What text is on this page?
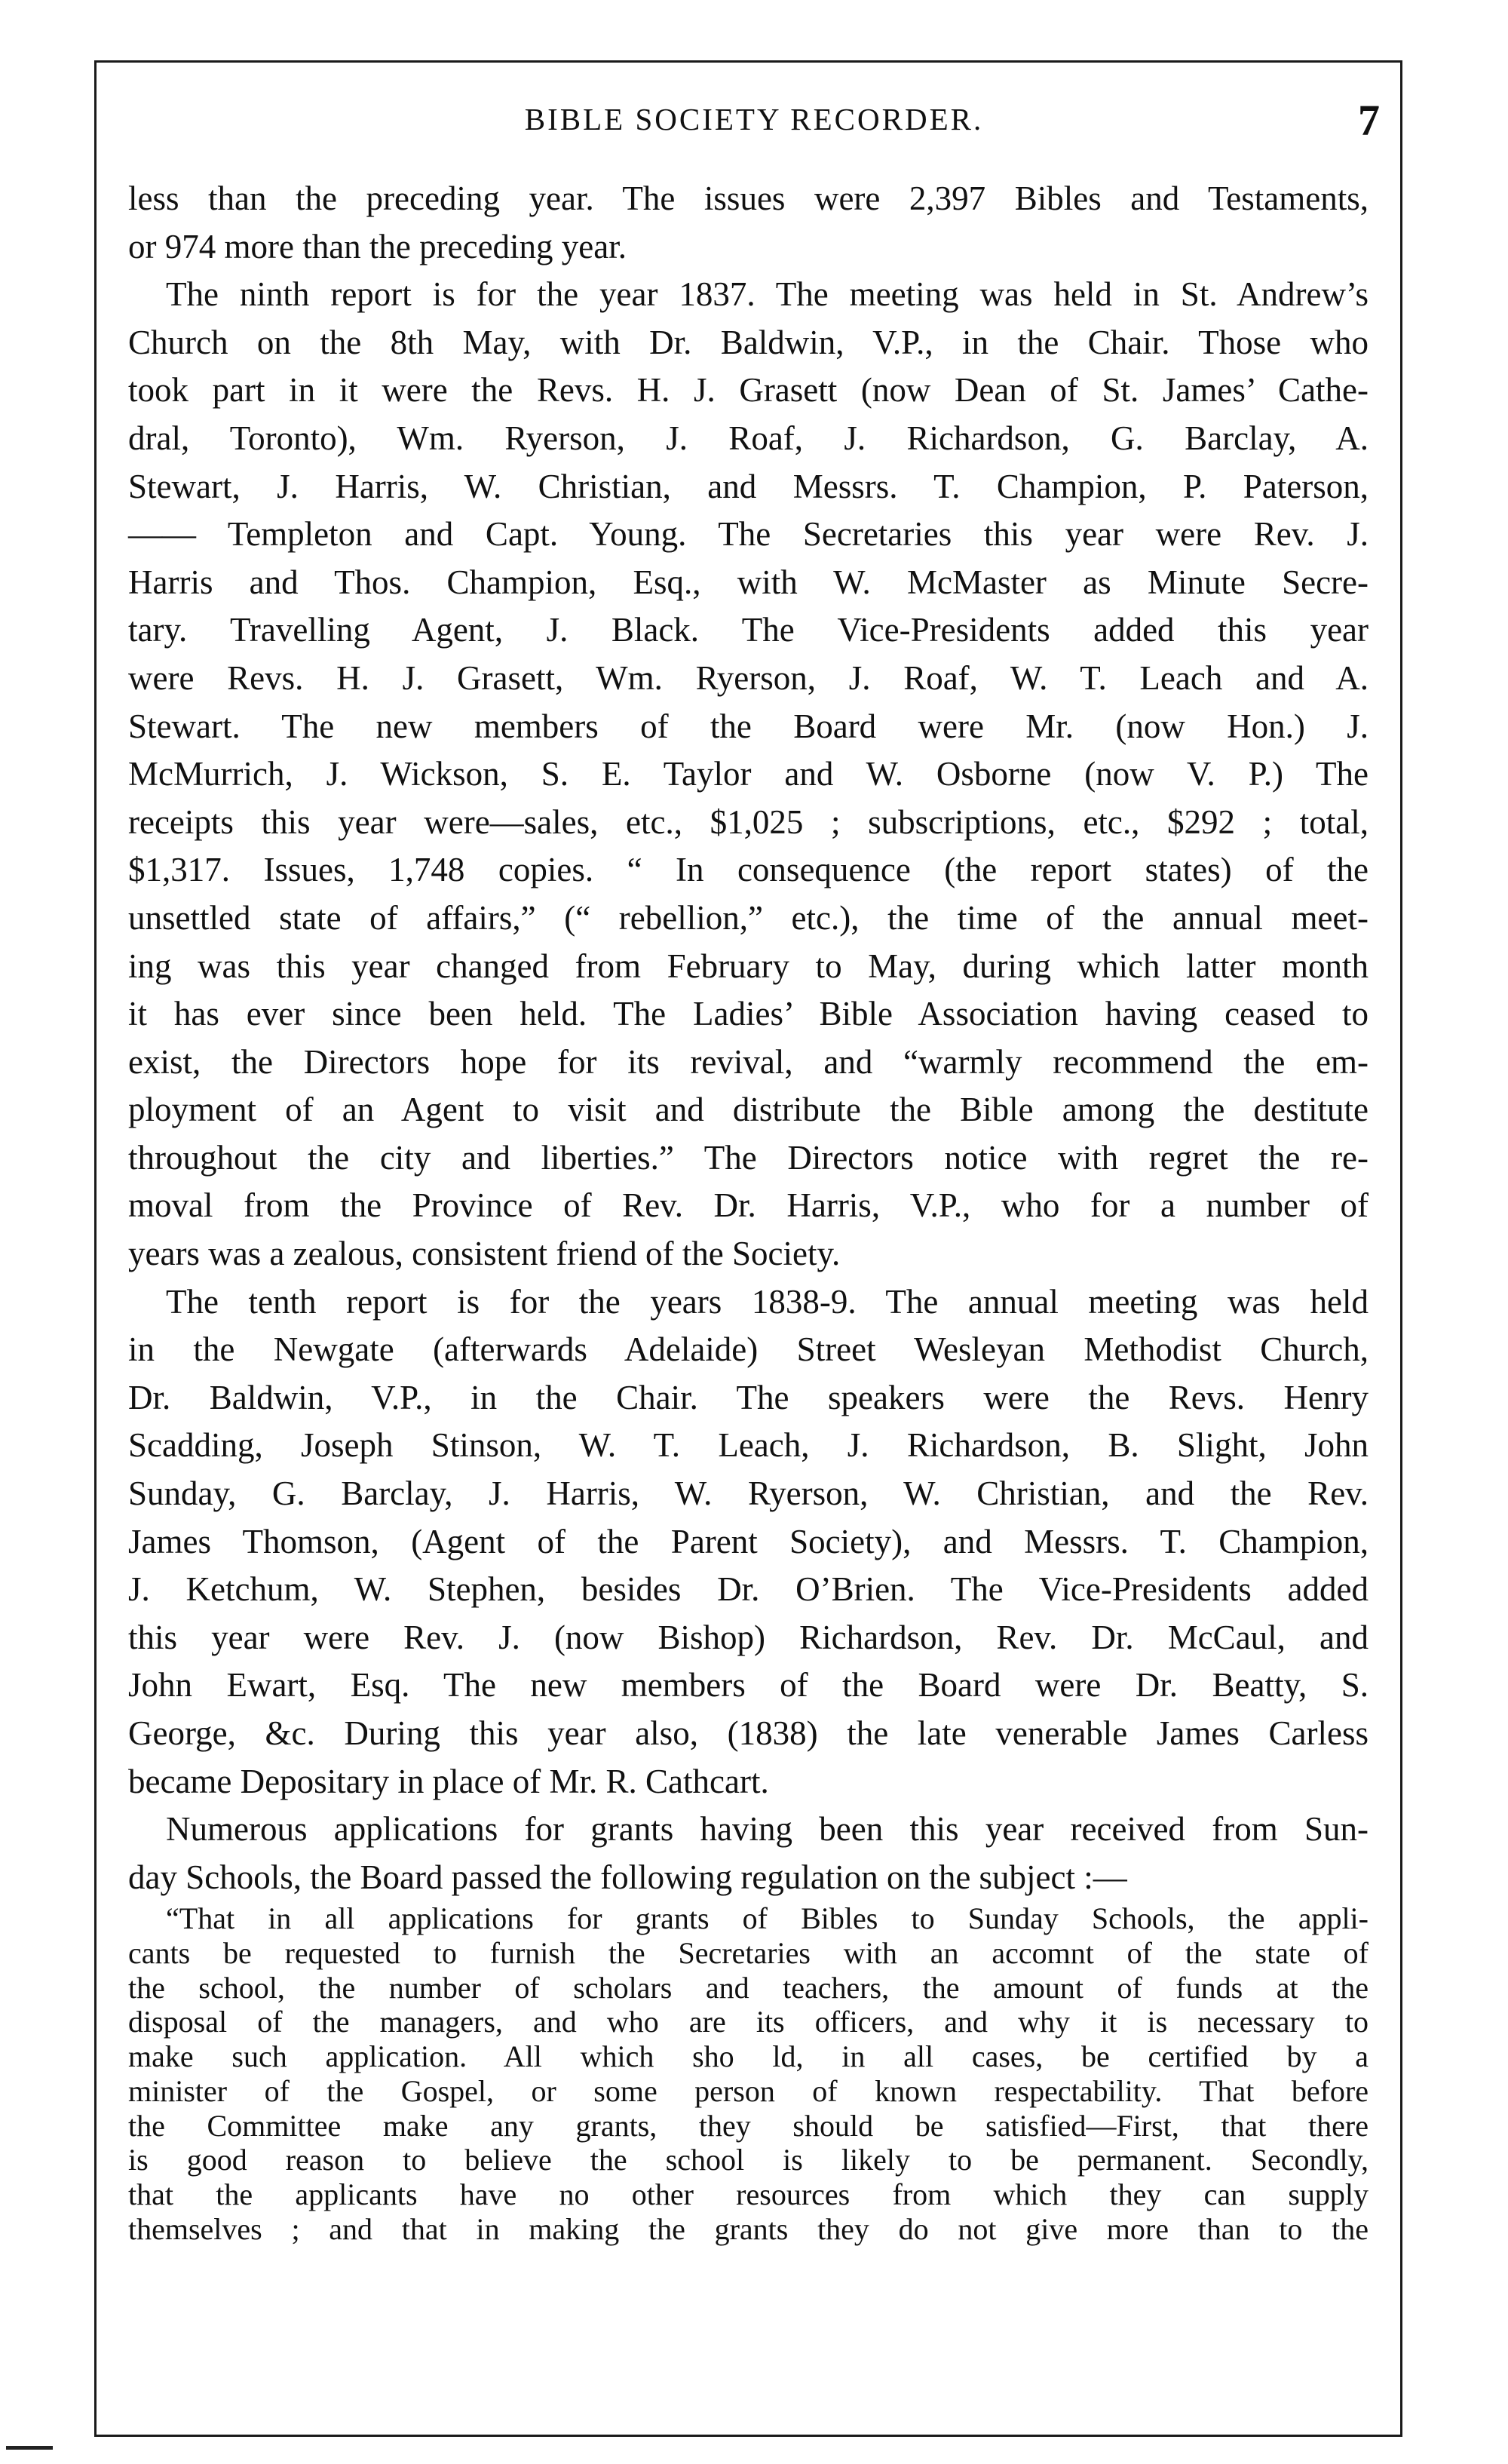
BIBLE SOCIETY RECORDER.	7

less than the preceding year. The issues were 2,397 Bibles and Testaments,
or 974 more than the preceding year.

The ninth report is for the year 1837. The meeting was held in St. Andrew’s
Church on the 8th May, with Dr. Baldwin, V.P., in the Chair. Those who
took part in it were the Revs. H. J. Grasett (now Dean of St. James’ Cathe-
dral, Toronto), Wm. Ryerson, J. Roaf, J. Richardson, G. Barclay, A.
Stewart, J. Harris, W. Christian, and Messrs. T. Champion, P. Paterson,
—— Templeton and Capt. Young. The Secretaries this year were Rev. J.
Harris and Thos. Champion, Esq., with W. McMaster as Minute Secre-
tary. Travelling Agent, J. Black. The Vice-Presidents added this year
were Revs. H. J. Grasett, Wm. Ryerson, J. Roaf, W. T. Leach and A.
Stewart. The new members of the Board were Mr. (now Hon.) J.
McMurrich, J. Wickson, S. E. Taylor and W. Osborne (now V. P.) The
receipts this year were—sales, etc., $1,025 ; subscriptions, etc., $292 ; total,
$1,317. Issues, 1,748 copies. “ In consequence (the report states) of the
unsettled state of affairs,” (“ rebellion,” etc.), the time of the annual meet-
ing was this year changed from February to May, during which latter month
it has ever since been held. The Ladies’ Bible Association having ceased to
exist, the Directors hope for its revival, and “warmly recommend the em-
ployment of an Agent to visit and distribute the Bible among the destitute
throughout the city and liberties.” The Directors notice with regret the re-
moval from the Province of Rev. Dr. Harris, V.P., who for a number of
years was a zealous, consistent friend of the Society.

The tenth report is for the years 1838-9. The annual meeting was held
in the Newgate (afterwards Adelaide) Street Wesleyan Methodist Church,
Dr. Baldwin, V.P., in the Chair. The speakers were the Revs. Henry
Scadding, Joseph Stinson, W. T. Leach, J. Richardson, B. Slight, John
Sunday, G. Barclay, J. Harris, W. Ryerson, W. Christian, and the Rev.
James Thomson, (Agent of the Parent Society), and Messrs. T. Champion,
J. Ketchum, W. Stephen, besides Dr. O’Brien. The Vice-Presidents added
this year were Rev. J. (now Bishop) Richardson, Rev. Dr. McCaul, and
John Ewart, Esq. The new members of the Board were Dr. Beatty, S.
George, &c. During this year also, (1838) the late venerable James Carless
became Depositary in place of Mr. R. Cathcart.

Numerous applications for grants having been this year received from Sun-
day Schools, the Board passed the following regulation on the subject :—

“That in all applications for grants of Bibles to Sunday Schools, the appli-
cants be requested to furnish the Secretaries with an accomnt of the state of
the school, the number of scholars and teachers, the amount of funds at the
disposal of the managers, and who are its officers, and why it is necessary to
make such application. All which sho ld, in all cases, be certified by a
minister of the Gospel, or some person of known respectability. That before
the Committee make any grants, they should be satisfied—First, that there
is good reason to believe the school is likely to be permanent. Secondly,
that the applicants have no other resources from which they can supply
themselves ; and that in making the grants they do not give more than to the
